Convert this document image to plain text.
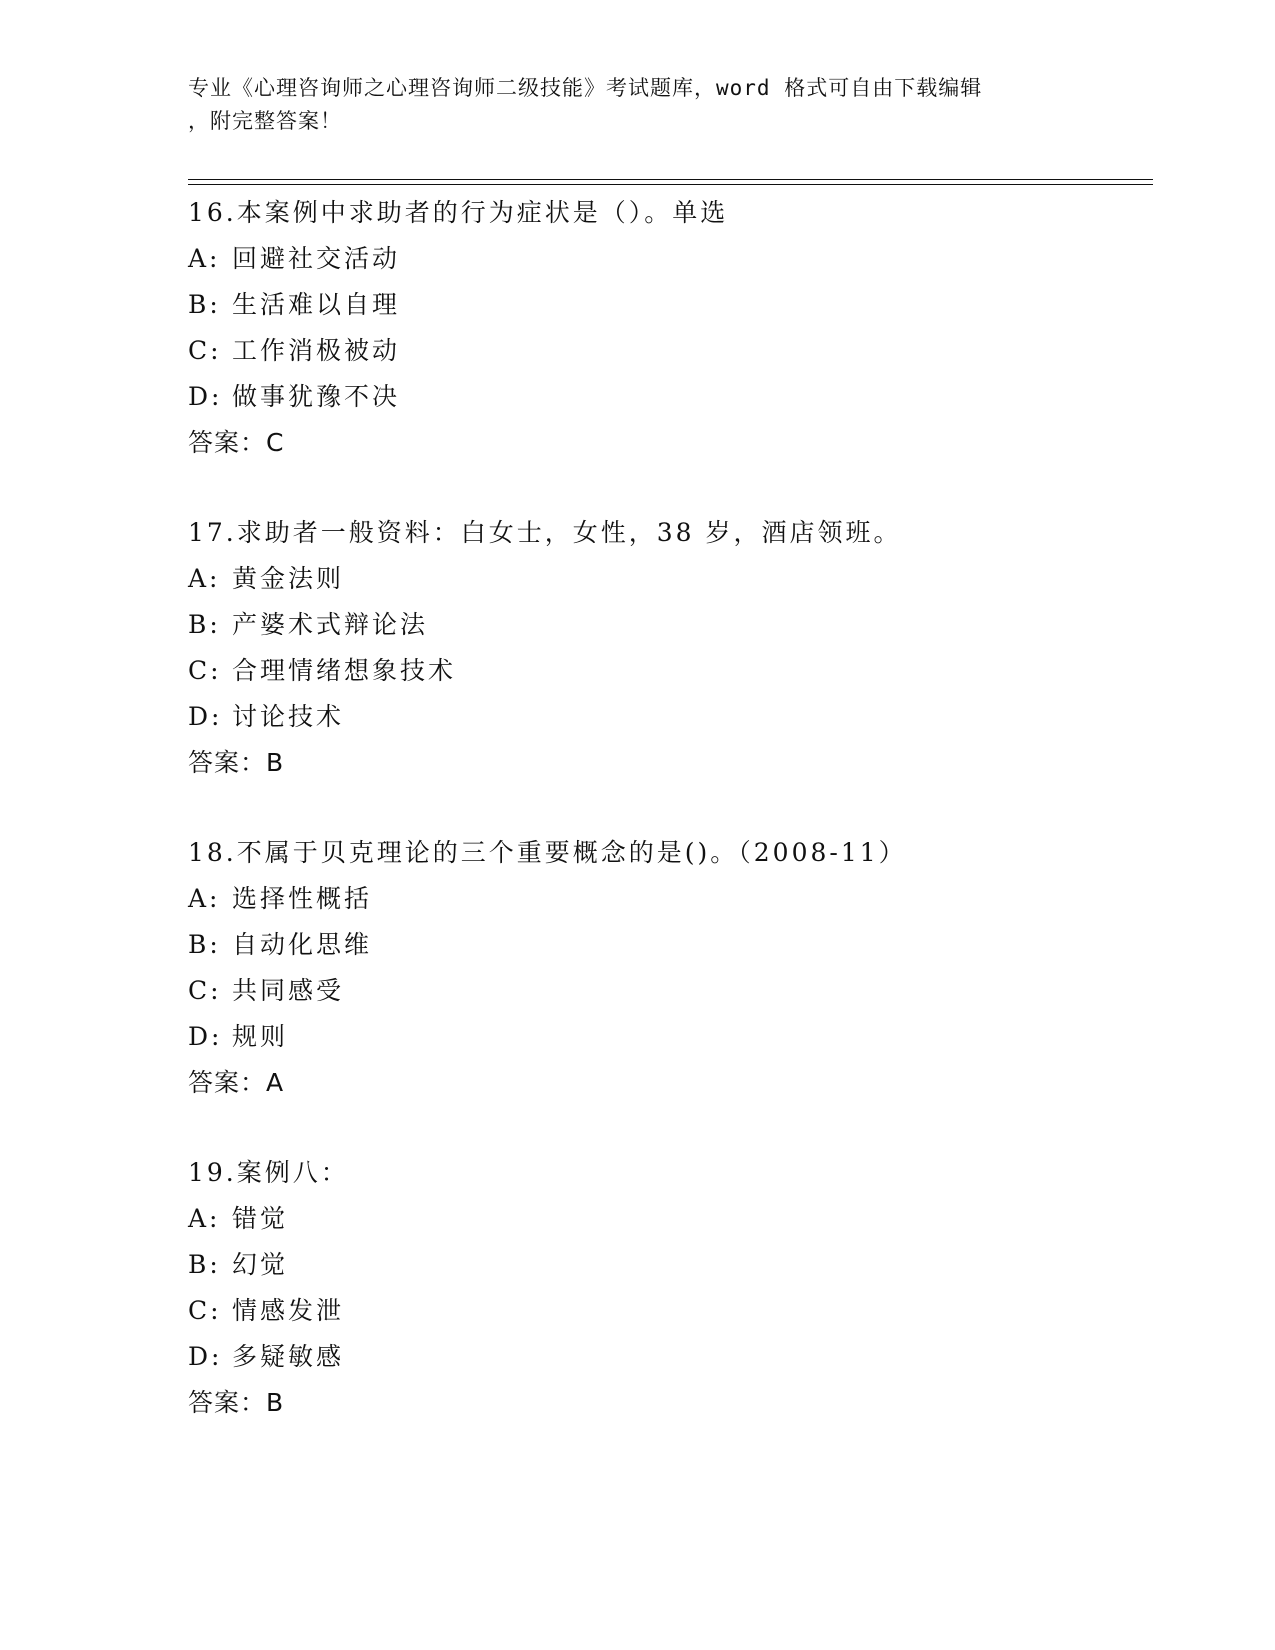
专业《心理咨询师之心理咨询师二级技能》考试题库，word 格式可自由下载编辑
，附完整答案！
16.本案例中求助者的行为症状是（）。单选
A: 回避社交活动
B: 生活难以自理
C: 工作消极被动
D: 做事犹豫不决
答案：C
17.求助者一般资料：白女士，女性，38 岁，酒店领班。
A: 黄金法则
B: 产婆术式辩论法
C: 合理情绪想象技术
D: 讨论技术
答案：B
18.不属于贝克理论的三个重要概念的是()。（2008-11）
A: 选择性概括
B: 自动化思维
C: 共同感受
D: 规则
答案：A
19.案例八：
A: 错觉
B: 幻觉
C: 情感发泄
D: 多疑敏感
答案：B
